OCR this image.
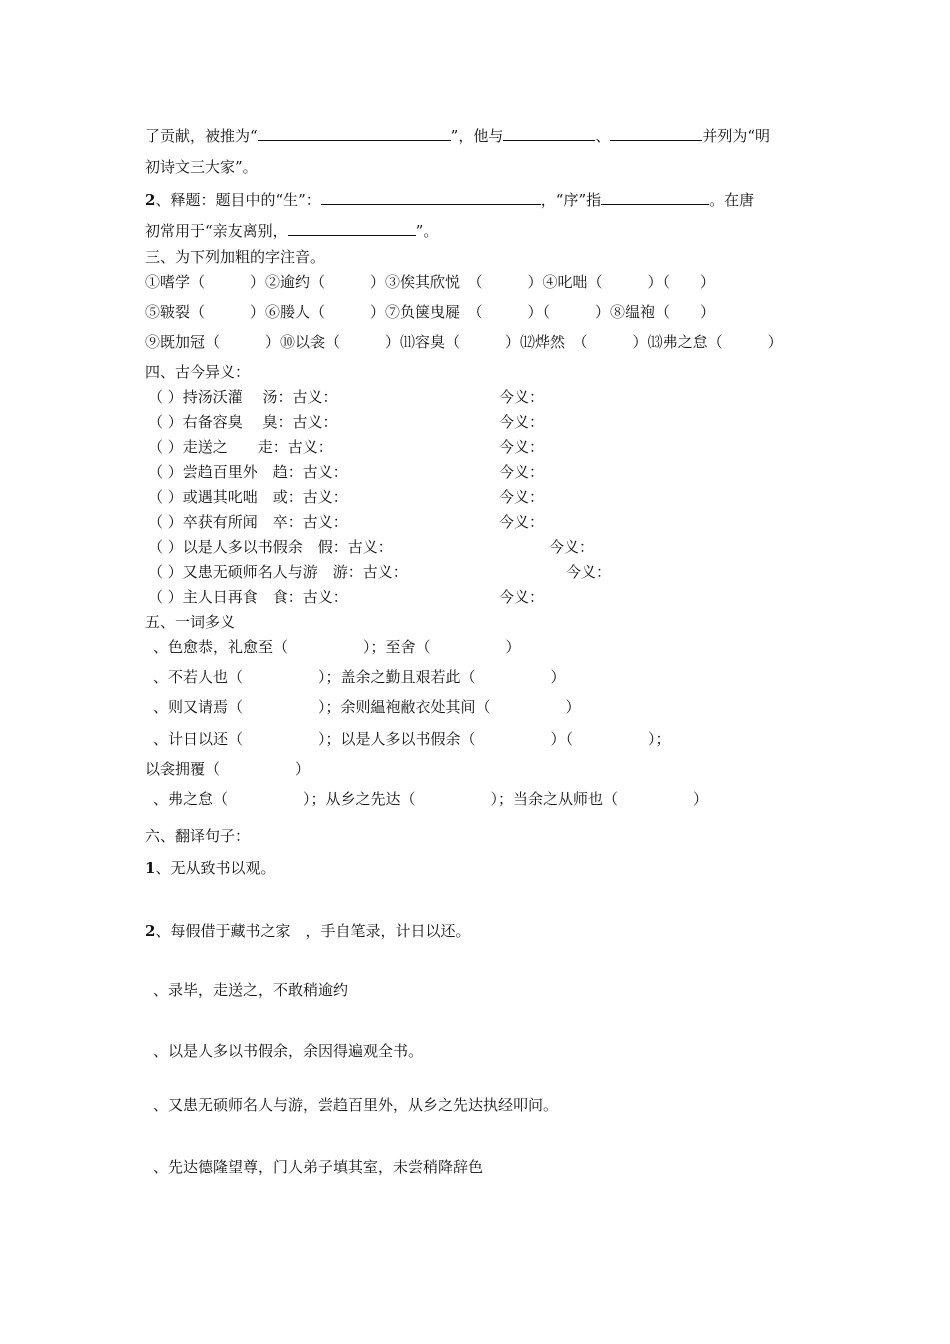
了贡献，被推为“	”，他与	、	并列为“明
初诗文三大家”。
2、释题：题目中的“生”：	，“序”指	。在唐
初常用于“亲友离别，	”。
三、为下列加粗的字注音。
①嗜学（　　　）②逾约（　　　）③俟其欣悦　（　　　）④叱咄（　　　）（　　）
⑤皲裂（　　　）⑥媵人（　　　）⑦负箧曳屣　（　　　）（　　　）⑧缊袍（　　）
⑨既加冠（　　　）⑩以衾（　　　）⑾容臭（　　　）⑿烨然　（　　　）⒀弗之怠（　　　）
四、古今异义：
（ ）持汤沃灌　 汤：古义：	今义：
（ ）右备容臭　 臭：古义：	今义：
（ ）走送之　　走：古义：	今义：
（ ）尝趋百里外　趋：古义：	今义：
（ ）或遇其叱咄　或：古义：	今义：
（ ）卒获有所闻　卒：古义：	今义：
（ ）以是人多以书假余　假：古义：	今义：
（ ）又患无硕师名人与游　游：古义：	今义：
（ ）主人日再食　食：古义：	今义：
五、一词多义
、色愈恭，礼愈至（　　　　　）；至舍（　　　　　）
、不若人也（　　　　　）；盖余之勤且艰若此（　　　　　）
、则又请焉（　　　　　）；余则緼袍敝衣处其间（　　　　　）
、计日以还（　　　　　）；以是人多以书假余（　　　　　）（　　　　　）；
以衾拥覆（　　　　　）
、弗之怠（　　　　　）；从乡之先达（　　　　　）；当余之从师也（　　　　　）
六、翻译句子：
1、无从致书以观。
2、每假借于藏书之家　，手自笔录，计日以还。
、录毕，走送之，不敢稍逾约
、以是人多以书假余，余因得遍观全书。
、又患无硕师名人与游，尝趋百里外，从乡之先达执经叩问。
、先达德隆望尊，门人弟子填其室，未尝稍降辞色
